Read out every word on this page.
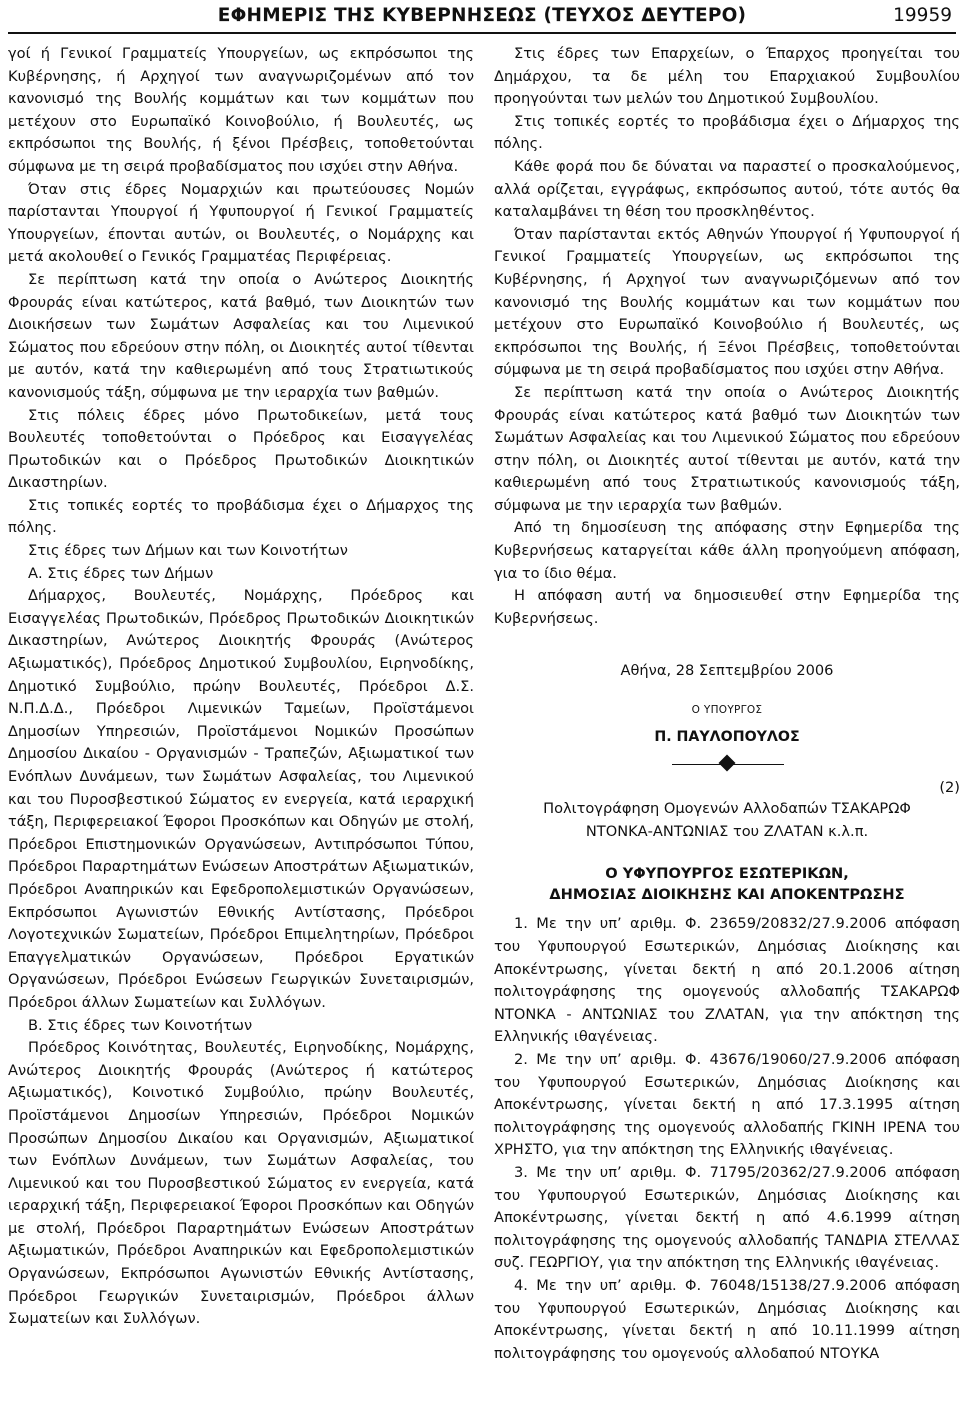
ΕΦΗΜΕΡΙΣ ΤΗΣ ΚΥΒΕΡΝΗΣΕΩΣ (ΤΕΥΧΟΣ ΔΕΥΤΕΡΟ)	19959

γοί ή Γενικοί Γραμματείς Υπουργείων, ως εκπρόσωποι της Κυβέρνησης, ή Αρχηγοί των αναγνωριζομένων από τον κανονισμό της Βουλής κομμάτων και των κομμάτων που μετέχουν στο Ευρωπαϊκό Κοινοβούλιο, ή Βουλευτές, ως εκπρόσωποι της Βουλής, ή ξένοι Πρέσβεις, τοποθετούνται σύμφωνα με τη σειρά προβαδίσματος που ισχύει στην Αθήνα.

Όταν στις έδρες Νομαρχιών και πρωτεύουσες Νομών παρίστανται Υπουργοί ή Υφυπουργοί ή Γενικοί Γραμματείς Υπουργείων, έπονται αυτών, οι Βουλευτές, ο Νομάρχης και μετά ακολουθεί ο Γενικός Γραμματέας Περιφέρειας.

Σε περίπτωση κατά την οποία ο Ανώτερος Διοικητής Φρουράς είναι κατώτερος, κατά βαθμό, των Διοικητών των Διοικήσεων των Σωμάτων Ασφαλείας και του Λιμενικού Σώματος που εδρεύουν στην πόλη, οι Διοικητές αυτοί τίθενται με αυτόν, κατά την καθιερωμένη από τους Στρατιωτικούς κανονισμούς τάξη, σύμφωνα με την ιεραρχία των βαθμών.

Στις πόλεις έδρες μόνο Πρωτοδικείων, μετά τους Βουλευτές τοποθετούνται ο Πρόεδρος και Εισαγγελέας Πρωτοδικών και ο Πρόεδρος Πρωτοδικών Διοικητικών Δικαστηρίων.

Στις τοπικές εορτές το προβάδισμα έχει ο Δήμαρχος της πόλης.

Στις έδρες των Δήμων και των Κοινοτήτων

Α. Στις έδρες των Δήμων

Δήμαρχος, Βουλευτές, Νομάρχης, Πρόεδρος και Εισαγγελέας Πρωτοδικών, Πρόεδρος Πρωτοδικών Διοικητικών Δικαστηρίων, Ανώτερος Διοικητής Φρουράς (Ανώτερος Αξιωματικός), Πρόεδρος Δημοτικού Συμβουλίου, Ειρηνοδίκης, Δημοτικό Συμβούλιο, πρώην Βουλευτές, Πρόεδροι Δ.Σ. Ν.Π.Δ.Δ., Πρόεδροι Λιμενικών Ταμείων, Προϊστάμενοι Δημοσίων Υπηρεσιών, Προϊστάμενοι Νομικών Προσώπων Δημοσίου Δικαίου - Οργανισμών - Τραπεζών, Αξιωματικοί των Ενόπλων Δυνάμεων, των Σωμάτων Ασφαλείας, του Λιμενικού και του Πυροσβεστικού Σώματος εν ενεργεία, κατά ιεραρχική τάξη, Περιφερειακοί Έφοροι Προσκόπων και Οδηγών με στολή, Πρόεδροι Επιστημονικών Οργανώσεων, Αντιπρόσωποι Τύπου, Πρόεδροι Παραρτημάτων Ενώσεων Αποστράτων Αξιωματικών, Πρόεδροι Αναπηρικών και Εφεδροπολεμιστικών Οργανώσεων, Εκπρόσωποι Αγωνιστών Εθνικής Αντίστασης, Πρόεδροι Λογοτεχνικών Σωματείων, Πρόεδροι Επιμελητηρίων, Πρόεδροι Επαγγελματικών Οργανώσεων, Πρόεδροι Εργατικών Οργανώσεων, Πρόεδροι Ενώσεων Γεωργικών Συνεταιρισμών, Πρόεδροι άλλων Σωματείων και Συλλόγων.

Β. Στις έδρες των Κοινοτήτων

Πρόεδρος Κοινότητας, Βουλευτές, Ειρηνοδίκης, Νομάρχης, Ανώτερος Διοικητής Φρουράς (Ανώτερος ή κατώτερος Αξιωματικός), Κοινοτικό Συμβούλιο, πρώην Βουλευτές, Προϊστάμενοι Δημοσίων Υπηρεσιών, Πρόεδροι Νομικών Προσώπων Δημοσίου Δικαίου και Οργανισμών, Αξιωματικοί των Ενόπλων Δυνάμεων, των Σωμάτων Ασφαλείας, του Λιμενικού και του Πυροσβεστικού Σώματος εν ενεργεία, κατά ιεραρχική τάξη, Περιφερειακοί Έφοροι Προσκόπων και Οδηγών με στολή, Πρόεδροι Παραρτημάτων Ενώσεων Αποστράτων Αξιωματικών, Πρόεδροι Αναπηρικών και Εφεδροπολεμιστικών Οργανώσεων, Εκπρόσωποι Αγωνιστών Εθνικής Αντίστασης, Πρόεδροι Γεωργικών Συνεταιρισμών, Πρόεδροι άλλων Σωματείων και Συλλόγων.

Στις έδρες των Επαρχείων, ο Έπαρχος προηγείται του Δημάρχου, τα δε μέλη του Επαρχιακού Συμβουλίου προηγούνται των μελών του Δημοτικού Συμβουλίου.

Στις τοπικές εορτές το προβάδισμα έχει ο Δήμαρχος της πόλης.

Κάθε φορά που δε δύναται να παραστεί ο προσκαλούμενος, αλλά ορίζεται, εγγράφως, εκπρόσωπος αυτού, τότε αυτός θα καταλαμβάνει τη θέση του προσκληθέντος.

Όταν παρίστανται εκτός Αθηνών Υπουργοί ή Υφυπουργοί ή Γενικοί Γραμματείς Υπουργείων, ως εκπρόσωποι της Κυβέρνησης, ή Αρχηγοί των αναγνωριζόμενων από τον κανονισμό της Βουλής κομμάτων και των κομμάτων που μετέχουν στο Ευρωπαϊκό Κοινοβούλιο ή Βουλευτές, ως εκπρόσωποι της Βουλής, ή Ξένοι Πρέσβεις, τοποθετούνται σύμφωνα με τη σειρά προβαδίσματος που ισχύει στην Αθήνα.

Σε περίπτωση κατά την οποία ο Ανώτερος Διοικητής Φρουράς είναι κατώτερος κατά βαθμό των Διοικητών των Σωμάτων Ασφαλείας και του Λιμενικού Σώματος που εδρεύουν στην πόλη, οι Διοικητές αυτοί τίθενται με αυτόν, κατά την καθιερωμένη από τους Στρατιωτικούς κανονισμούς τάξη, σύμφωνα με την ιεραρχία των βαθμών.

Από τη δημοσίευση της απόφασης στην Εφημερίδα της Κυβερνήσεως καταργείται κάθε άλλη προηγούμενη απόφαση, για το ίδιο θέμα.

Η απόφαση αυτή να δημοσιευθεί στην Εφημερίδα της Κυβερνήσεως.

Αθήνα, 28 Σεπτεμβρίου 2006
Ο ΥΠΟΥΡΓΟΣ
Π. ΠΑΥΛΟΠΟΥΛΟΣ

(2)

Πολιτογράφηση Ομογενών Αλλοδαπών ΤΣΑΚΑΡΩΦ

ΝΤΟΝΚΑ-ΑΝΤΩΝΙΑΣ του ΖΛΑΤΑΝ κ.λ.π.

Ο ΥΦΥΠΟΥΡΓΟΣ ΕΣΩΤΕΡΙΚΩΝ,
ΔΗΜΟΣΙΑΣ ΔΙΟΙΚΗΣΗΣ ΚΑΙ ΑΠΟΚΕΝΤΡΩΣΗΣ

1. Με την υπ’ αριθμ. Φ. 23659/20832/27.9.2006 απόφαση του Υφυπουργού Εσωτερικών, Δημόσιας Διοίκησης και Αποκέντρωσης, γίνεται δεκτή η από 20.1.2006 αίτηση πολιτογράφησης της ομογενούς αλλοδαπής ΤΣΑΚΑΡΩΦ ΝΤΟΝΚΑ - ΑΝΤΩΝΙΑΣ του ΖΛΑΤΑΝ, για την απόκτηση της Ελληνικής ιθαγένειας.

2. Με την υπ’ αριθμ. Φ. 43676/19060/27.9.2006 απόφαση του Υφυπουργού Εσωτερικών, Δημόσιας Διοίκησης και Αποκέντρωσης, γίνεται δεκτή η από 17.3.1995 αίτηση πολιτογράφησης της ομογενούς αλλοδαπής ΓΚΙΝΗ ΙΡΕΝΑ του ΧΡΗΣΤΟ, για την απόκτηση της Ελληνικής ιθαγένειας.

3. Με την υπ’ αριθμ. Φ. 71795/20362/27.9.2006 απόφαση του Υφυπουργού Εσωτερικών, Δημόσιας Διοίκησης και Αποκέντρωσης, γίνεται δεκτή η από 4.6.1999 αίτηση πολιτογράφησης της ομογενούς αλλοδαπής ΤΑΝΔΡΙΑ ΣΤΕΛΛΑΣ συζ. ΓΕΩΡΓΙΟΥ, για την απόκτηση της Ελληνικής ιθαγένειας.

4. Με την υπ’ αριθμ. Φ. 76048/15138/27.9.2006 απόφαση του Υφυπουργού Εσωτερικών, Δημόσιας Διοίκησης και Αποκέντρωσης, γίνεται δεκτή η από 10.11.1999 αίτηση πολιτογράφησης του ομογενούς αλλοδαπού ΝΤΟΥΚΑ
